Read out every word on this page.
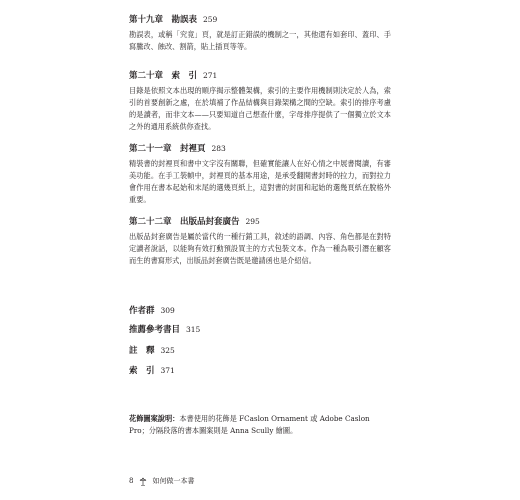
第十九章　勘誤表 259
勘誤表，或稱「究竟」頁，就是訂正錯誤的機制之一，其他還有如套印、蓋印、手寫騰改、蝕改、割箭，貼上插頁等等。
第二十章　索　引 271
目錄是依照文本出現的順序揭示整體架構，索引的主要作用機制則決定於人為，索引的首要創新之處，在於填補了作品結構與目錄架構之間的空缺。索引的排序考慮的是讀者，而非文本——只要知道自己想查什麼，字母排序提供了一個獨立於文本之外的通用系統供你查找。
第二十一章　封裡頁 283
精裝書的封裡頁和書中文字沒有關聯，但確實能讓人在好心情之中展書閱讀，有審美功能。在手工裝幀中，封裡頁的基本用途，是承受翻開書封時的拉力，而對拉力會作用在書本起始和末尾的選幾頁紙上，這對書的封面和起始的選幾頁紙在脫格外重要。
第二十二章　出版品封套廣告 295
出版品封套廣告是屬於當代的一種行銷工具，敘述的語調、內容、角色都是在對特定讀者說話，以能夠有效打動預設買主的方式包裝文本。作為一種為吸引潛在顧客而生的書寫形式，出版品封套廣告既是邀請函也是介紹信。
作者群 309
推薦參考書目 315
註　釋 325
索　引 371
花飾圖案說明：本書使用的花飾是 FCaslon Ornament 或 Adobe Caslon Pro；分隔段落的書本圖案則是 Anna Scully 繪圖。
8	如何做一本書
